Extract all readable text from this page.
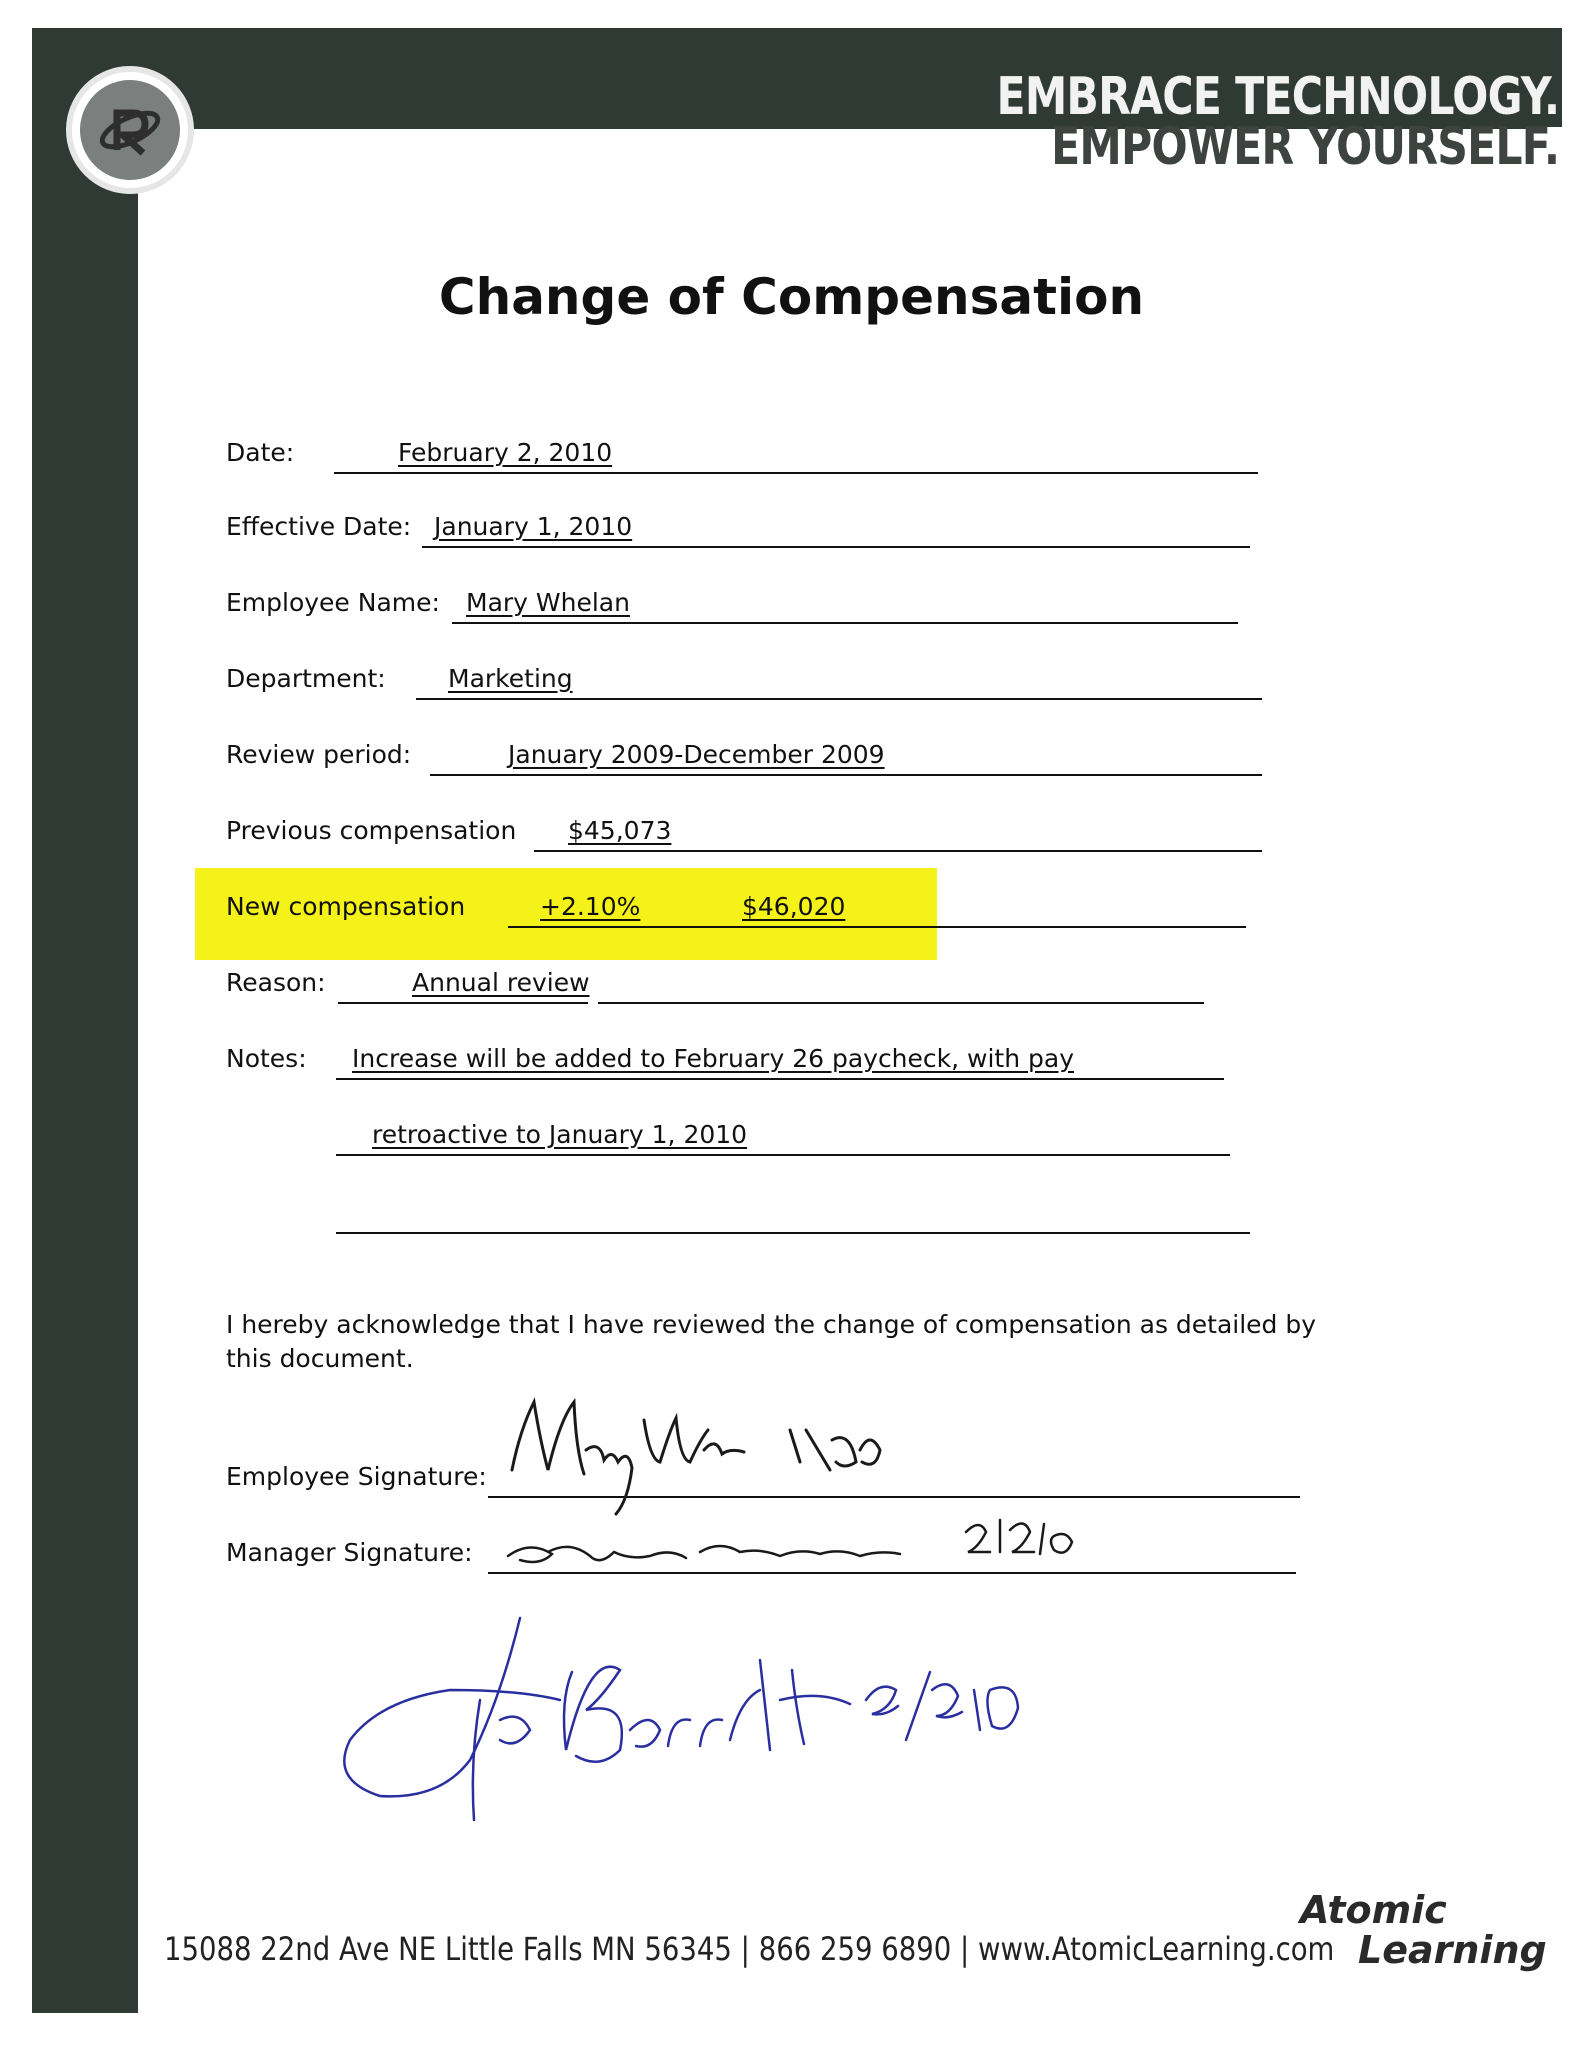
EMBRACE TECHNOLOGY.
EMPOWER YOURSELF.
Change of Compensation
Date:	February 2, 2010
Effective Date: January 1, 2010
Employee Name: Mary Whelan
Department: Marketing
Review period:	January 2009-December 2009
Previous compensation $45,073
New compensation	+2.10%	$46,020
Reason:	Annual review
Notes: Increase will be added to February 26 paycheck, with pay
retroactive to January 1, 2010
I hereby acknowledge that I have reviewed the change of compensation as detailed by this document.
Employee Signature:
Manager Signature:
15088 22nd Ave NE Little Falls MN 56345 | 866 259 6890 | www.AtomicLearning.com
Atomic
Learning
